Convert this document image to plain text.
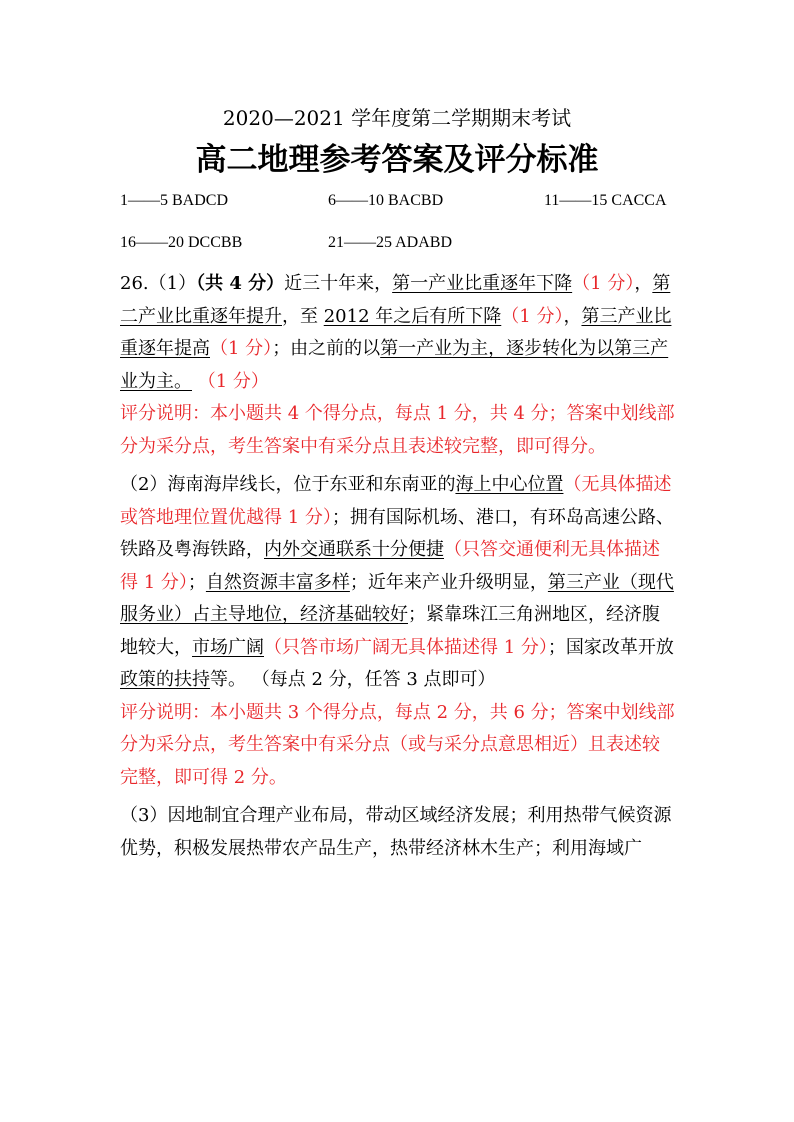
2020—2021 学年度第二学期期末考试
高二地理参考答案及评分标准
1——5 BADCD	6——10 BACBD	11——15 CACCA
16——20 DCCBB	21——25 ADABD

26.（1）（共 4 分）近三十年来，第一产业比重逐年下降（1 分），第二产业比重逐年提升，至 2012 年之后有所下降（1 分），第三产业比重逐年提高（1 分）；由之前的以第一产业为主，逐步转化为以第三产业为主。 （1 分）

评分说明：本小题共 4 个得分点，每点 1 分，共 4 分；答案中划线部分为采分点，考生答案中有采分点且表述较完整，即可得分。

（2）海南海岸线长，位于东亚和东南亚的海上中心位置（无具体描述或答地理位置优越得 1 分）；拥有国际机场、港口，有环岛高速公路、铁路及粤海铁路，内外交通联系十分便捷（只答交通便利无具体描述得 1 分）；自然资源丰富多样；近年来产业升级明显，第三产业（现代服务业）占主导地位，经济基础较好；紧靠珠江三角洲地区，经济腹地较大，市场广阔（只答市场广阔无具体描述得 1 分）；国家改革开放政策的扶持等。 （每点 2 分，任答 3 点即可）

评分说明：本小题共 3 个得分点，每点 2 分，共 6 分；答案中划线部分为采分点，考生答案中有采分点（或与采分点意思相近）且表述较完整，即可得 2 分。

（3）因地制宜合理产业布局，带动区域经济发展；利用热带气候资源优势，积极发展热带农产品生产，热带经济林木生产；利用海域广
